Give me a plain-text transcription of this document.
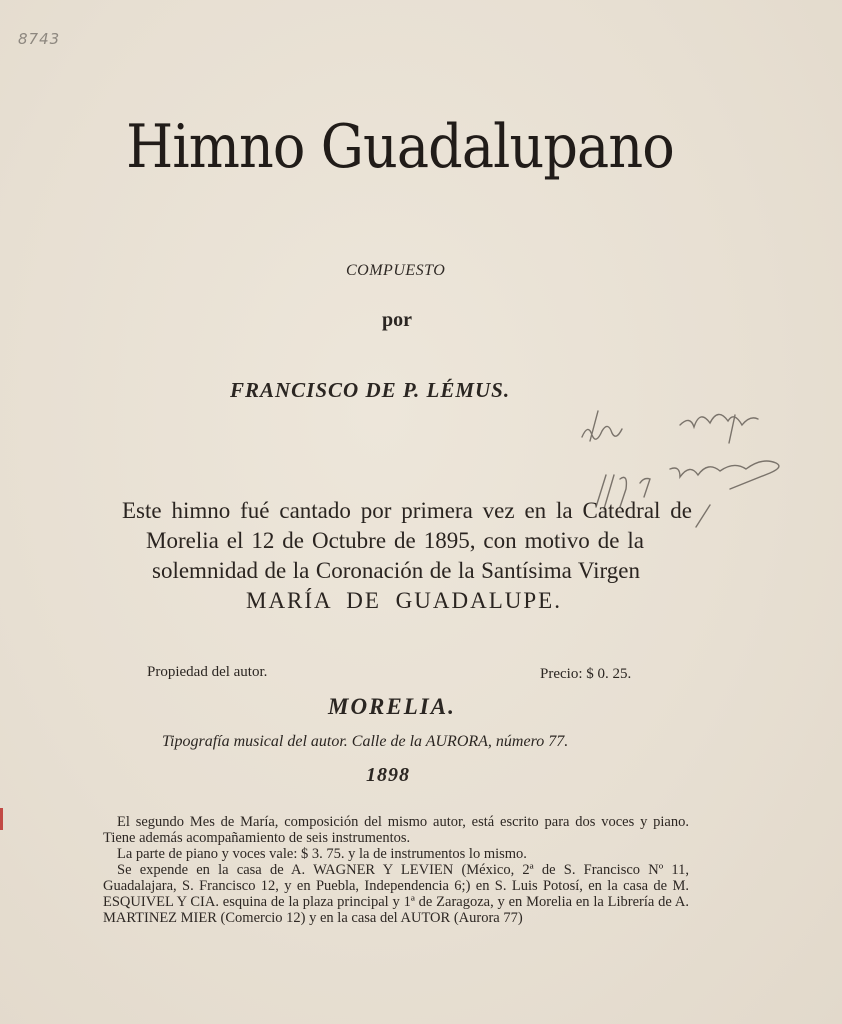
8743
Himno Guadalupano
COMPUESTO
por
FRANCISCO DE P. LÉMUS.
Este himno fué cantado por primera vez en la Catedral de
Morelia el 12 de Octubre de 1895, con motivo de la
solemnidad de la Coronación de la Santísima Virgen
MARÍA DE GUADALUPE.
Propiedad del autor.	Precio: $ 0. 25.
MORELIA.
Tipografía musical del autor. Calle de la AURORA, número 77.
1898

El segundo Mes de María, composición del mismo autor, está escrito para dos voces y piano. Tiene además acompañamiento de seis instrumentos.

La parte de piano y voces vale: $ 3. 75. y la de instrumentos lo mismo.

Se expende en la casa de A. WAGNER Y LEVIEN (México, 2ª de S. Francisco Nº 11, Guadalajara, S. Francisco 12, y en Puebla, Independencia 6;) en S. Luis Potosí, en la casa de M. ESQUIVEL Y CIA. esquina de la plaza principal y 1ª de Zaragoza, y en Morelia en la Librería de A. MARTINEZ MIER (Comercio 12) y en la casa del AUTOR (Aurora 77)
